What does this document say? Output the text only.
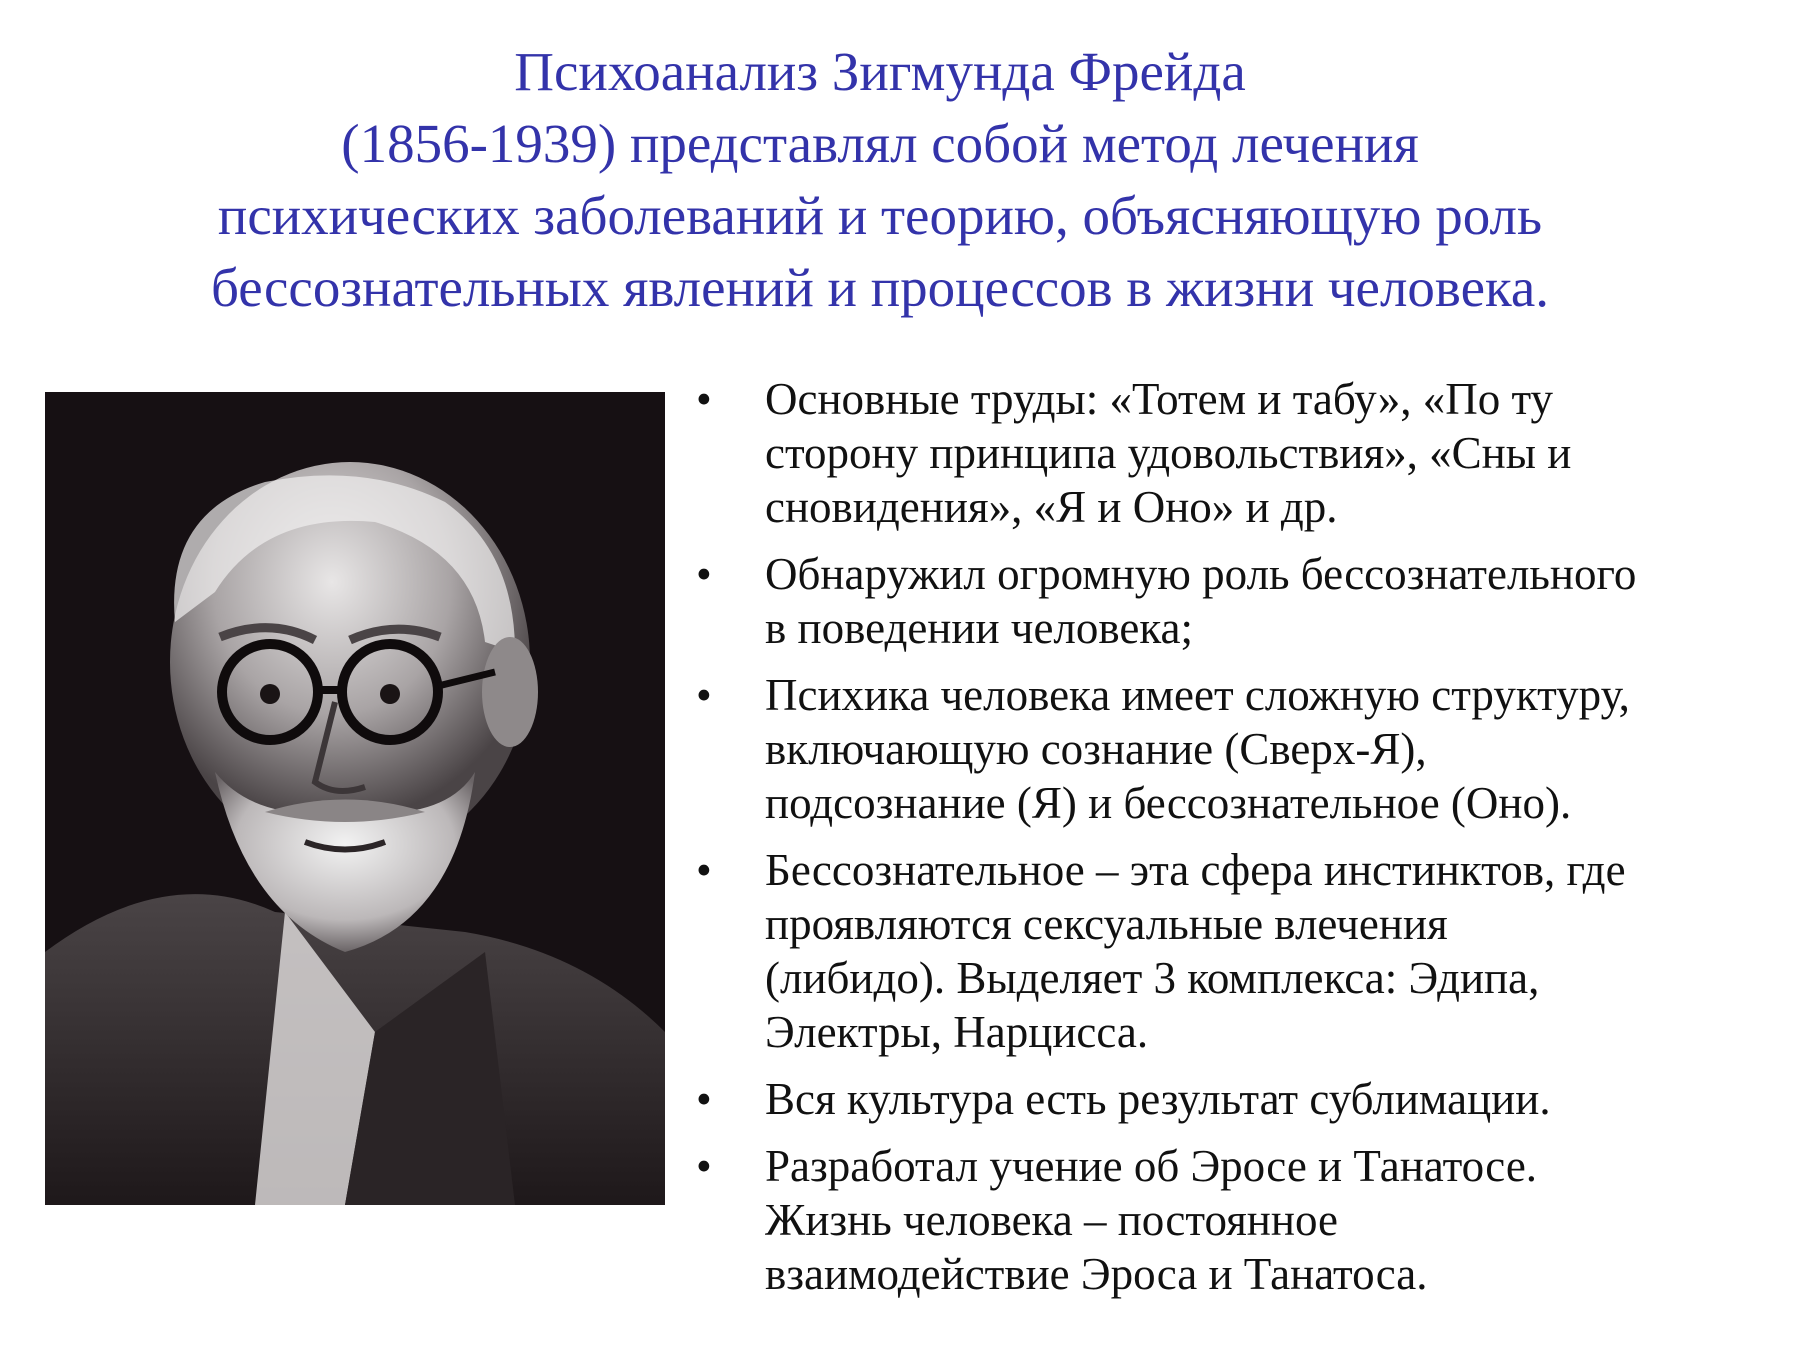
Психоанализ Зигмунда Фрейда
(1856-1939) представлял собой метод лечения
психических заболеваний и теорию, объясняющую роль
бессознательных явлений и процессов в жизни человека.
•	Основные труды: «Тотем и табу», «По ту
сторону принципа удовольствия», «Сны и
сновидения», «Я и Оно» и др.
•	Обнаружил огромную роль бессознательного
в поведении человека;
•	Психика человека имеет сложную структуру,
включающую сознание (Сверх-Я),
подсознание (Я) и бессознательное (Оно).
•	Бессознательное – эта сфера инстинктов, где
проявляются сексуальные влечения
(либидо). Выделяет 3 комплекса: Эдипа,
Электры, Нарцисса.
•	Вся культура есть результат сублимации.
•	Разработал учение об Эросе и Танатосе.
Жизнь человека – постоянное
взаимодействие Эроса и Танатоса.
